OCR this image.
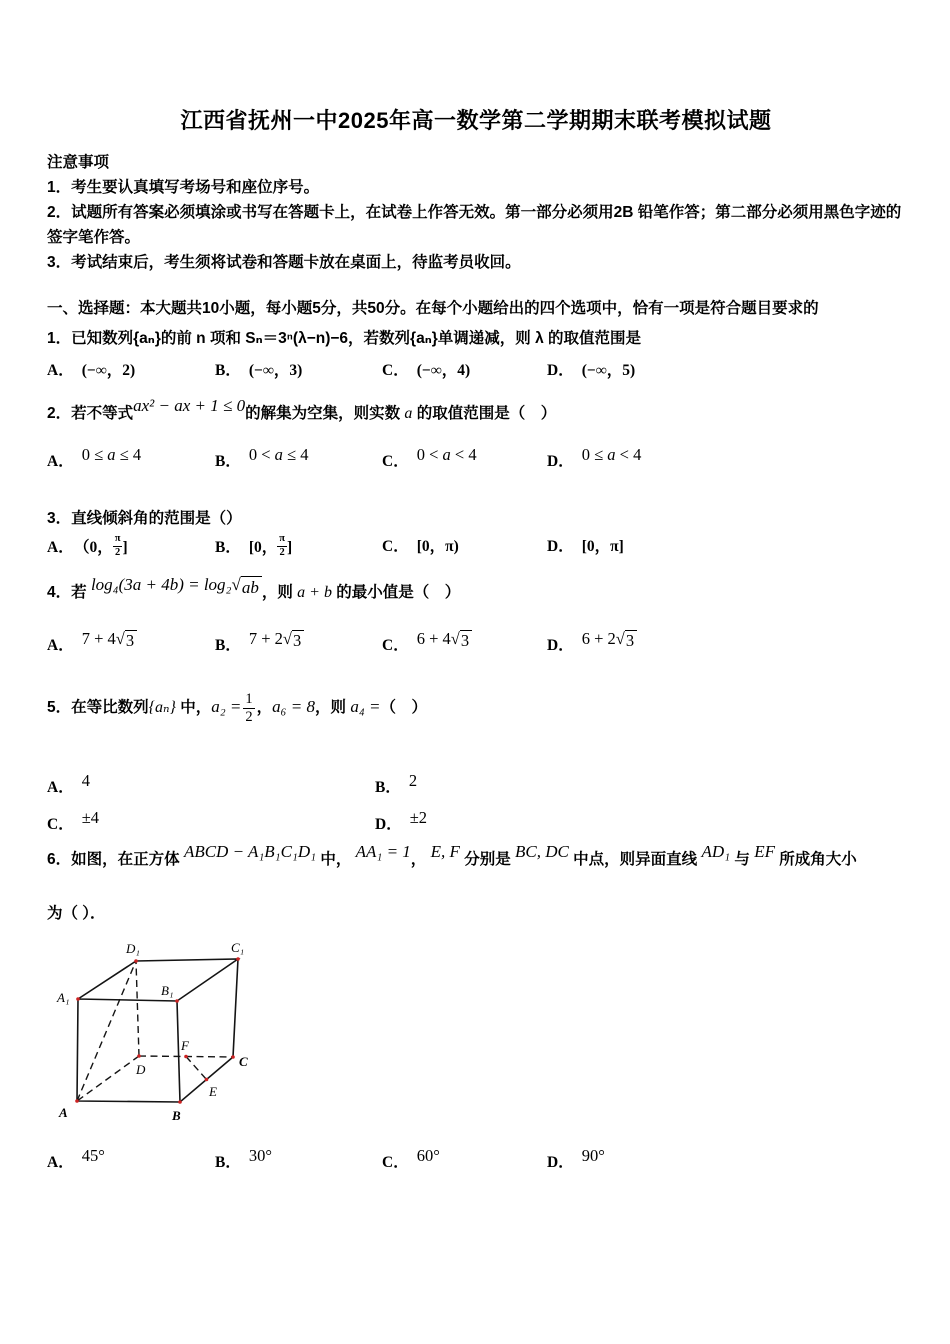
江西省抚州一中2025年高一数学第二学期期末联考模拟试题

注意事项

1．考生要认真填写考场号和座位序号。

2．试题所有答案必须填涂或书写在答题卡上，在试卷上作答无效。第一部分必须用2B 铅笔作答；第二部分必须用黑色字迹的签字笔作答。

3．考试结束后，考生须将试卷和答题卡放在桌面上，待监考员收回。

一、选择题：本大题共10小题，每小题5分，共50分。在每个小题给出的四个选项中，恰有一项是符合题目要求的

1．已知数列{aₙ}的前 n 项和 Sₙ＝3ⁿ(λ−n)−6，若数列{aₙ}单调递减，则 λ 的取值范围是

A． (−∞，2)	B． (−∞，3)	C． (−∞，4)	D． (−∞，5)

2．若不等式ax² − ax + 1 ≤ 0的解集为空集，则实数 a 的取值范围是（　）

A． 0 ≤ a ≤ 4	B． 0 < a ≤ 4	C． 0 < a < 4	D． 0 ≤ a < 4

3．直线倾斜角的范围是（）

A． （0， $\frac{\pi}{2}$ ]	B． [0， $\frac{\pi}{2}$ ]	C． [0，π)	D． [0，π]

4．若 log₄(3a + 4b) = log₂ √ ab ，则 a + b 的最小值是（　）

A． 7 + 4 √ 3	B． 7 + 2 √ 3	C． 6 + 4 √ 3	D． 6 + 2 √ 3

5．在等比数列{aₙ} 中，$a_2 = \frac{1}{2}$ ，a₆ = 8，则 a₄ =（　）

A． 4	B． 2
C． ±4	D． ±2

6．如图，在正方体 ABCD − A₁B₁C₁D₁ 中， AA₁ = 1， E, F 分别是 BC, DC 中点，则异面直线 AD₁ 与 EF 所成角大小

为（ ）．

D₁	C₁
A₁	B₁
F
D
C
E
A	B
A． 45°	B． 30°	C． 60°	D． 90°
